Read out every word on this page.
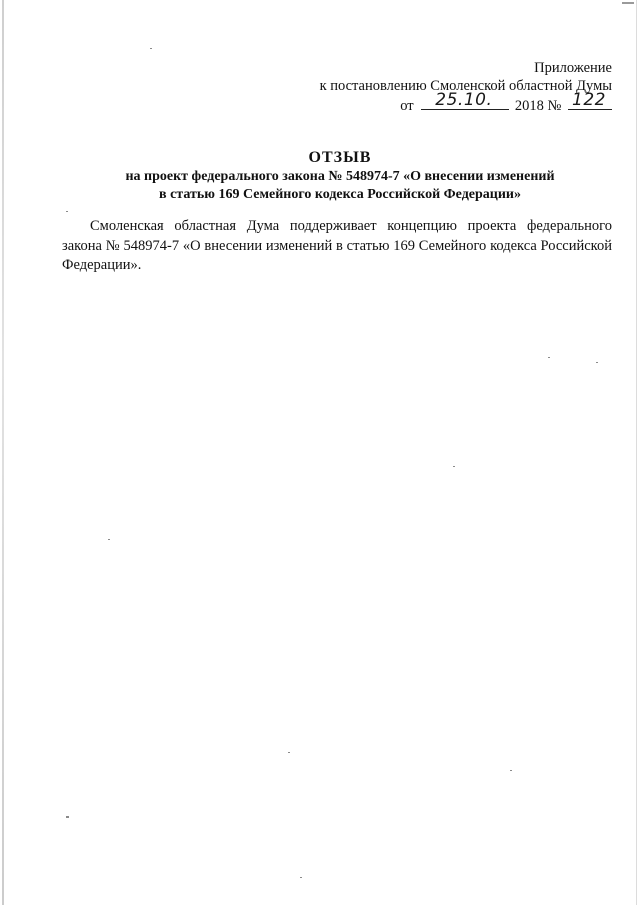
Приложение
к постановлению Смоленской областной Думы
от 25.10. 2018 № 122
ОТЗЫВ
на проект федерального закона № 548974-7 «О внесении изменений
в статью 169 Семейного кодекса Российской Федерации»
Смоленская областная Дума поддерживает концепцию проекта федерального закона № 548974-7 «О внесении изменений в статью 169 Семейного кодекса Российской Федерации».
